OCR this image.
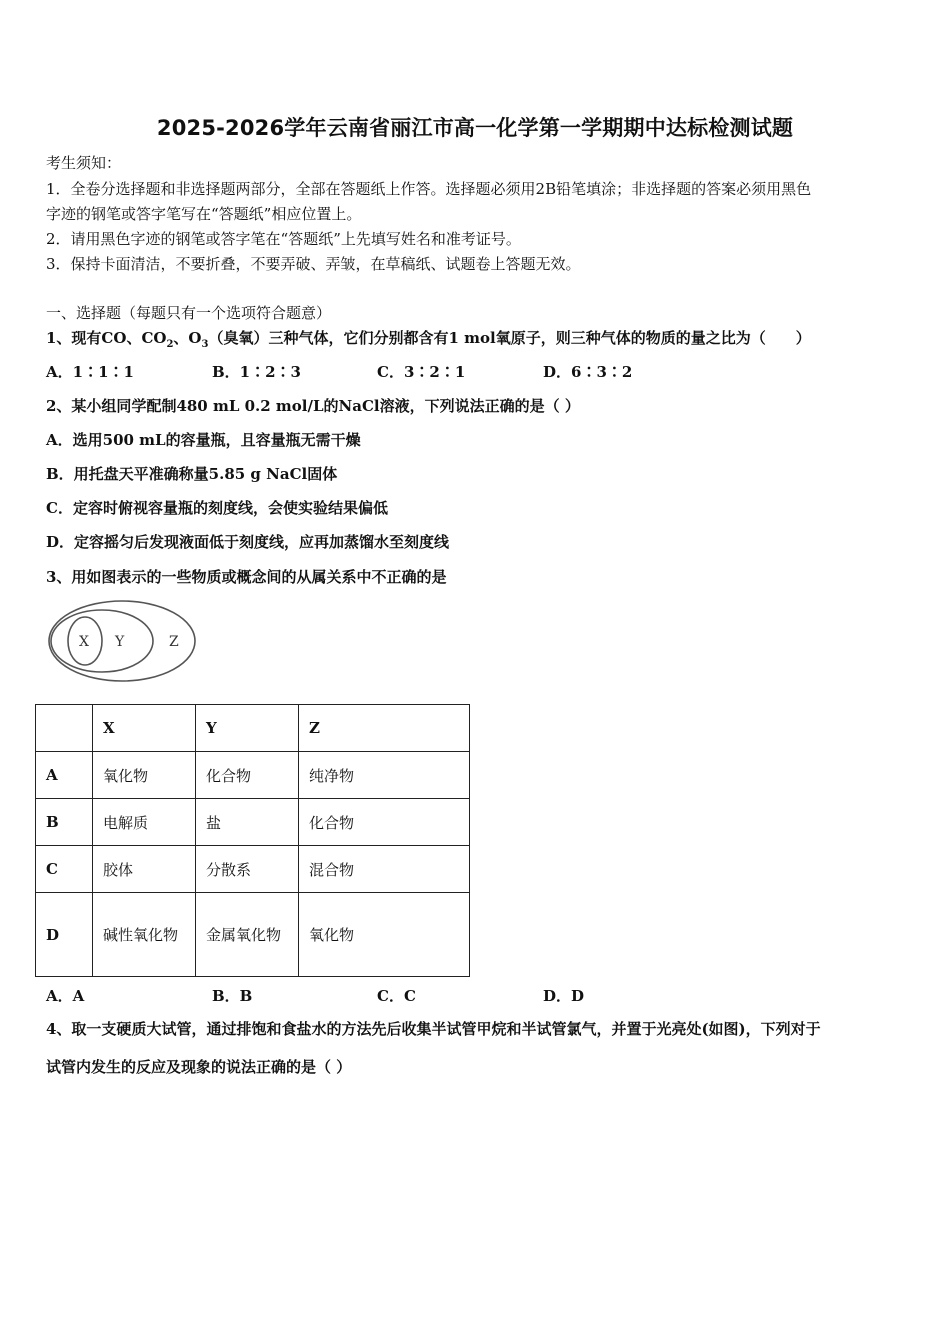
2025-2026学年云南省丽江市高一化学第一学期期中达标检测试题
考生须知：
1．全卷分选择题和非选择题两部分，全部在答题纸上作答。选择题必须用2B铅笔填涂；非选择题的答案必须用黑色
字迹的钢笔或答字笔写在“答题纸”相应位置上。
2．请用黑色字迹的钢笔或答字笔在“答题纸”上先填写姓名和准考证号。
3．保持卡面清洁，不要折叠，不要弄破、弄皱，在草稿纸、试题卷上答题无效。
一、选择题（每题只有一个选项符合题意）
1、现有CO、$CO_2$、$O_3$（臭氧）三种气体，它们分别都含有1 mol氧原子，则三种气体的物质的量之比为（　　）
A．1∶1∶1	B．1∶2∶3	C．3∶2∶1	D．6∶3∶2
2、某小组同学配制480 mL 0.2 mol/L的NaCl溶液，下列说法正确的是（ ）
A．选用500 mL的容量瓶，且容量瓶无需干燥
B．用托盘天平准确称量5.85 g NaCl固体
C．定容时俯视容量瓶的刻度线，会使实验结果偏低
D．定容摇匀后发现液面低于刻度线，应再加蒸馏水至刻度线
3、用如图表示的一些物质或概念间的从属关系中不正确的是
X Y	Z
	X	Y	Z
A	氧化物	化合物	纯净物
B	电解质	盐	化合物
C	胶体	分散系	混合物
D	碱性氧化物	金属氧化物	氧化物
A．A	B．B	C．C	D．D
4、取一支硬质大试管，通过排饱和食盐水的方法先后收集半试管甲烷和半试管氯气，并置于光亮处(如图)，下列对于
试管内发生的反应及现象的说法正确的是（ ）
